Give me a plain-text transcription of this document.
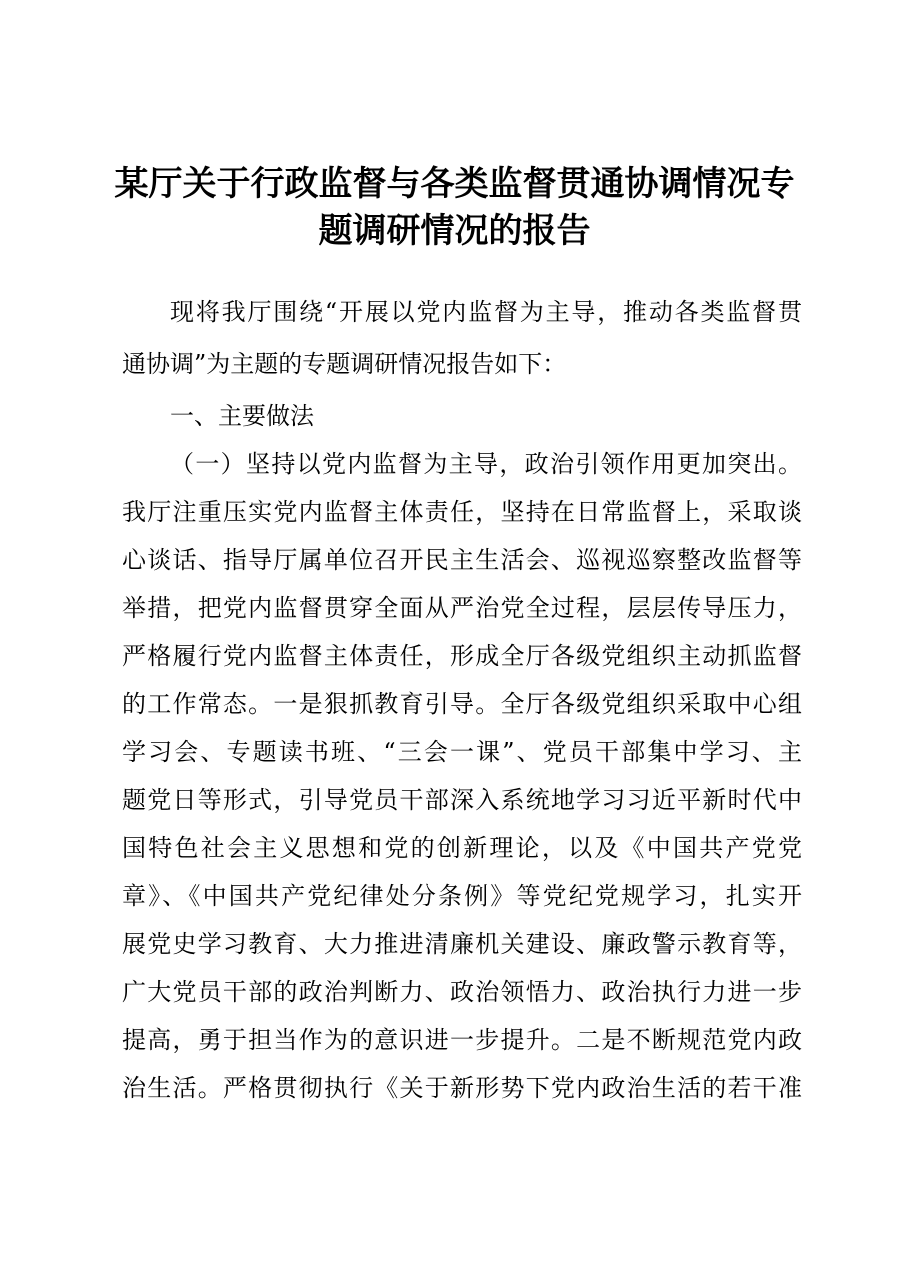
某厅关于行政监督与各类监督贯通协调情况专
题调研情况的报告
现将我厅围绕“开展以党内监督为主导，推动各类监督贯
通协调”为主题的专题调研情况报告如下：
一、主要做法
（一）坚持以党内监督为主导，政治引领作用更加突出。
我厅注重压实党内监督主体责任，坚持在日常监督上，采取谈
心谈话、指导厅属单位召开民主生活会、巡视巡察整改监督等
举措，把党内监督贯穿全面从严治党全过程，层层传导压力，
严格履行党内监督主体责任，形成全厅各级党组织主动抓监督
的工作常态。一是狠抓教育引导。全厅各级党组织采取中心组
学习会、专题读书班、“三会一课”、党员干部集中学习、主
题党日等形式，引导党员干部深入系统地学习习近平新时代中
国特色社会主义思想和党的创新理论，以及《中国共产党党
章》、《中国共产党纪律处分条例》等党纪党规学习，扎实开
展党史学习教育、大力推进清廉机关建设、廉政警示教育等，
广大党员干部的政治判断力、政治领悟力、政治执行力进一步
提高，勇于担当作为的意识进一步提升。二是不断规范党内政
治生活。严格贯彻执行《关于新形势下党内政治生活的若干准
